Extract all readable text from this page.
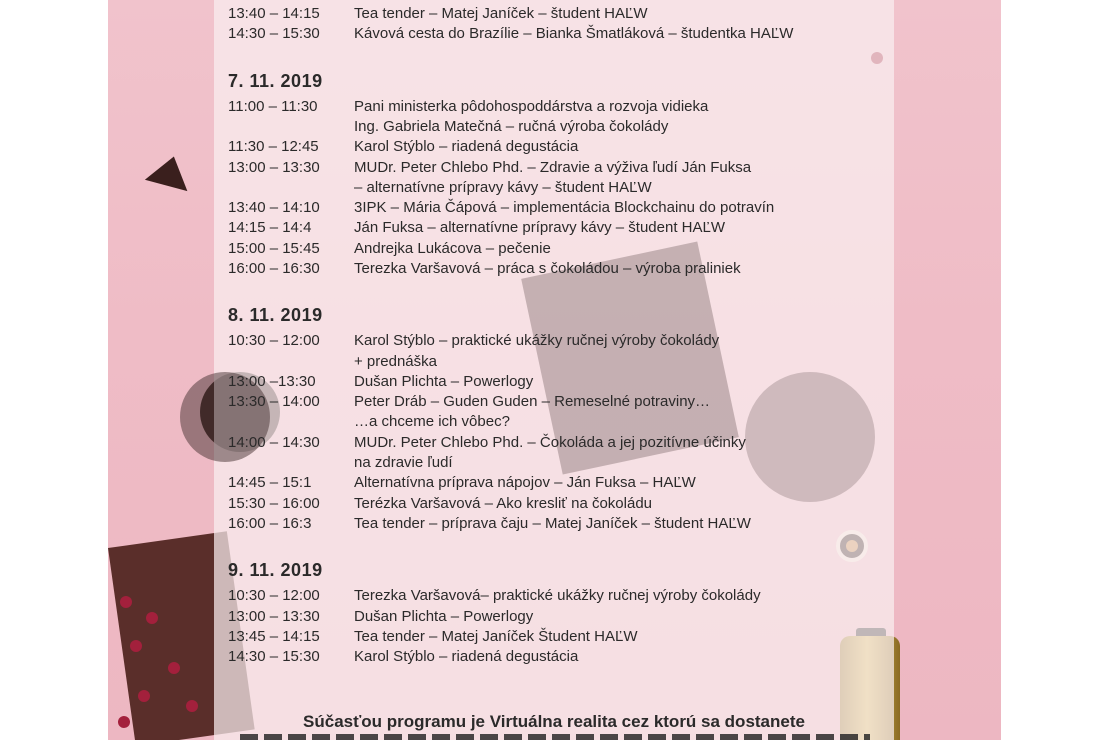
13:40 – 14:15	Tea tender – Matej Janíček – študent HAĽW
14:30 – 15:30	Kávová cesta do Brazílie – Bianka Šmatláková – študentka HAĽW
7. 11. 2019
11:00 – 11:30	Pani ministerka pôdohospoddárstva a rozvoja vidieka
Ing. Gabriela Matečná – ručná výroba čokolády
11:30 – 12:45	Karol Stýblo – riadená degustácia
13:00 – 13:30	MUDr. Peter Chlebo Phd. – Zdravie a výživa ľudí Ján Fuksa
– alternatívne prípravy kávy – študent HAĽW
13:40 – 14:10	3IPK – Mária Čápová – implementácia Blockchainu do potravín
14:15 – 14:4	Ján Fuksa – alternatívne prípravy kávy – študent HAĽW
15:00 – 15:45	Andrejka Lukácova – pečenie
16:00 – 16:30	Terezka Varšavová – práca s čokoládou – výroba praliniek
8. 11. 2019
10:30 – 12:00	Karol Stýblo – praktické ukážky ručnej výroby čokolády
+ prednáška
13:00 –13:30	Dušan Plichta – Powerlogy
13:30 – 14:00	Peter Dráb – Guden Guden – Remeselné potraviny…
…a chceme ich vôbec?
14:00 – 14:30	MUDr. Peter Chlebo Phd. – Čokoláda a jej pozitívne účinky
na zdravie ľudí
14:45 – 15:1	Alternatívna príprava nápojov – Ján Fuksa – HAĽW
15:30 – 16:00	Terézka Varšavová – Ako kresliť na čokoládu
16:00 – 16:3	Tea tender – príprava čaju – Matej Janíček – študent HAĽW
9. 11. 2019
10:30 – 12:00	Terezka Varšavová– praktické ukážky ručnej výroby čokolády
13:00 – 13:30	Dušan Plichta – Powerlogy
13:45 – 14:15	Tea tender – Matej Janíček Študent HAĽW
14:30 – 15:30	Karol Stýblo – riadená degustácia
Súčasťou programu je Virtuálna realita cez ktorú sa dostanete
